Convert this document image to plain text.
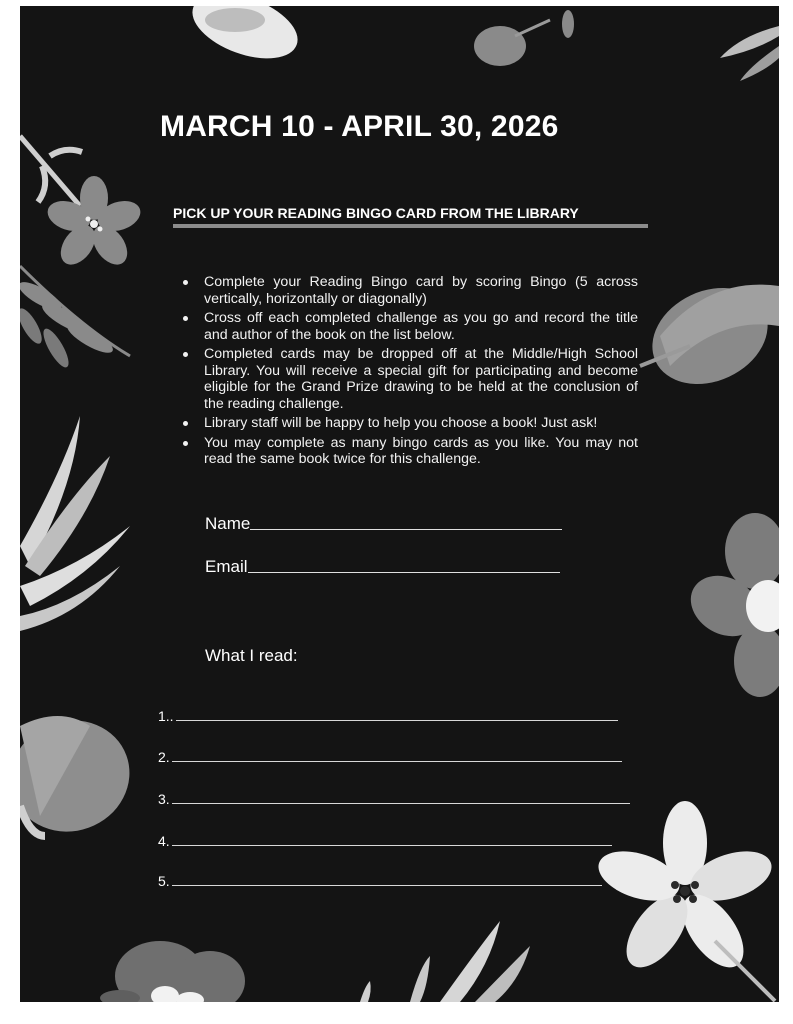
MARCH 10 - APRIL 30, 2026
PICK UP YOUR READING BINGO CARD FROM THE LIBRARY
Complete your Reading Bingo card by scoring Bingo (5 across vertically, horizontally or diagonally)
Cross off each completed challenge as you go and record the title and author of the book on the list below.
Completed cards may be dropped off at the Middle/High School Library. You will receive a special gift for participating and become eligible for the Grand Prize drawing to be held at the conclusion of the reading challenge.
Library staff will be happy to help you choose a book! Just ask!
You may complete as many bingo cards as you like. You may not read the same book twice for this challenge.
Name
Email
What I read:
1..
2.
3.
4.
5.
